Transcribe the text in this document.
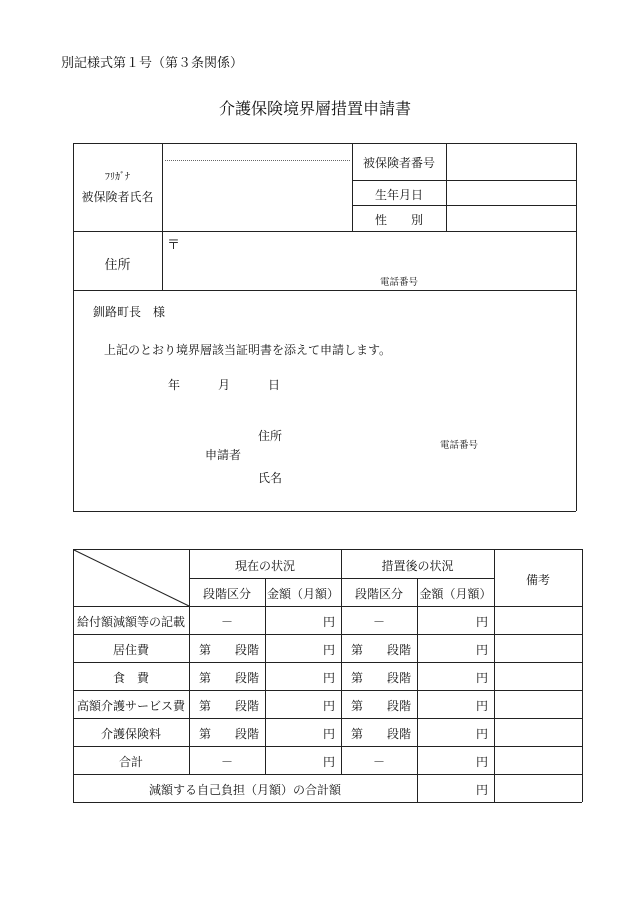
別記様式第１号（第３条関係）
介護保険境界層措置申請書
ﾌﾘｶﾞﾅ
被保険者氏名
被保険者番号
生年月日
性　　別
住所
〒
電話番号
釧路町長　様
上記のとおり境界層該当証明書を添えて申請します。
年	月	日
住所
申請者
氏名
電話番号
現在の状況	措置後の状況
備考
段階区分	金額（月額）	段階区分	金額（月額）
給付額減額等の記載	－	円	－	円
居住費	第　　段階	円 第　　段階	円
食　費	第　　段階	円 第　　段階	円
高額介護サービス費	第　　段階	円 第　　段階	円
介護保険料	第　　段階	円 第　　段階	円
合計	－	円	－	円
減額する自己負担（月額）の合計額	円
